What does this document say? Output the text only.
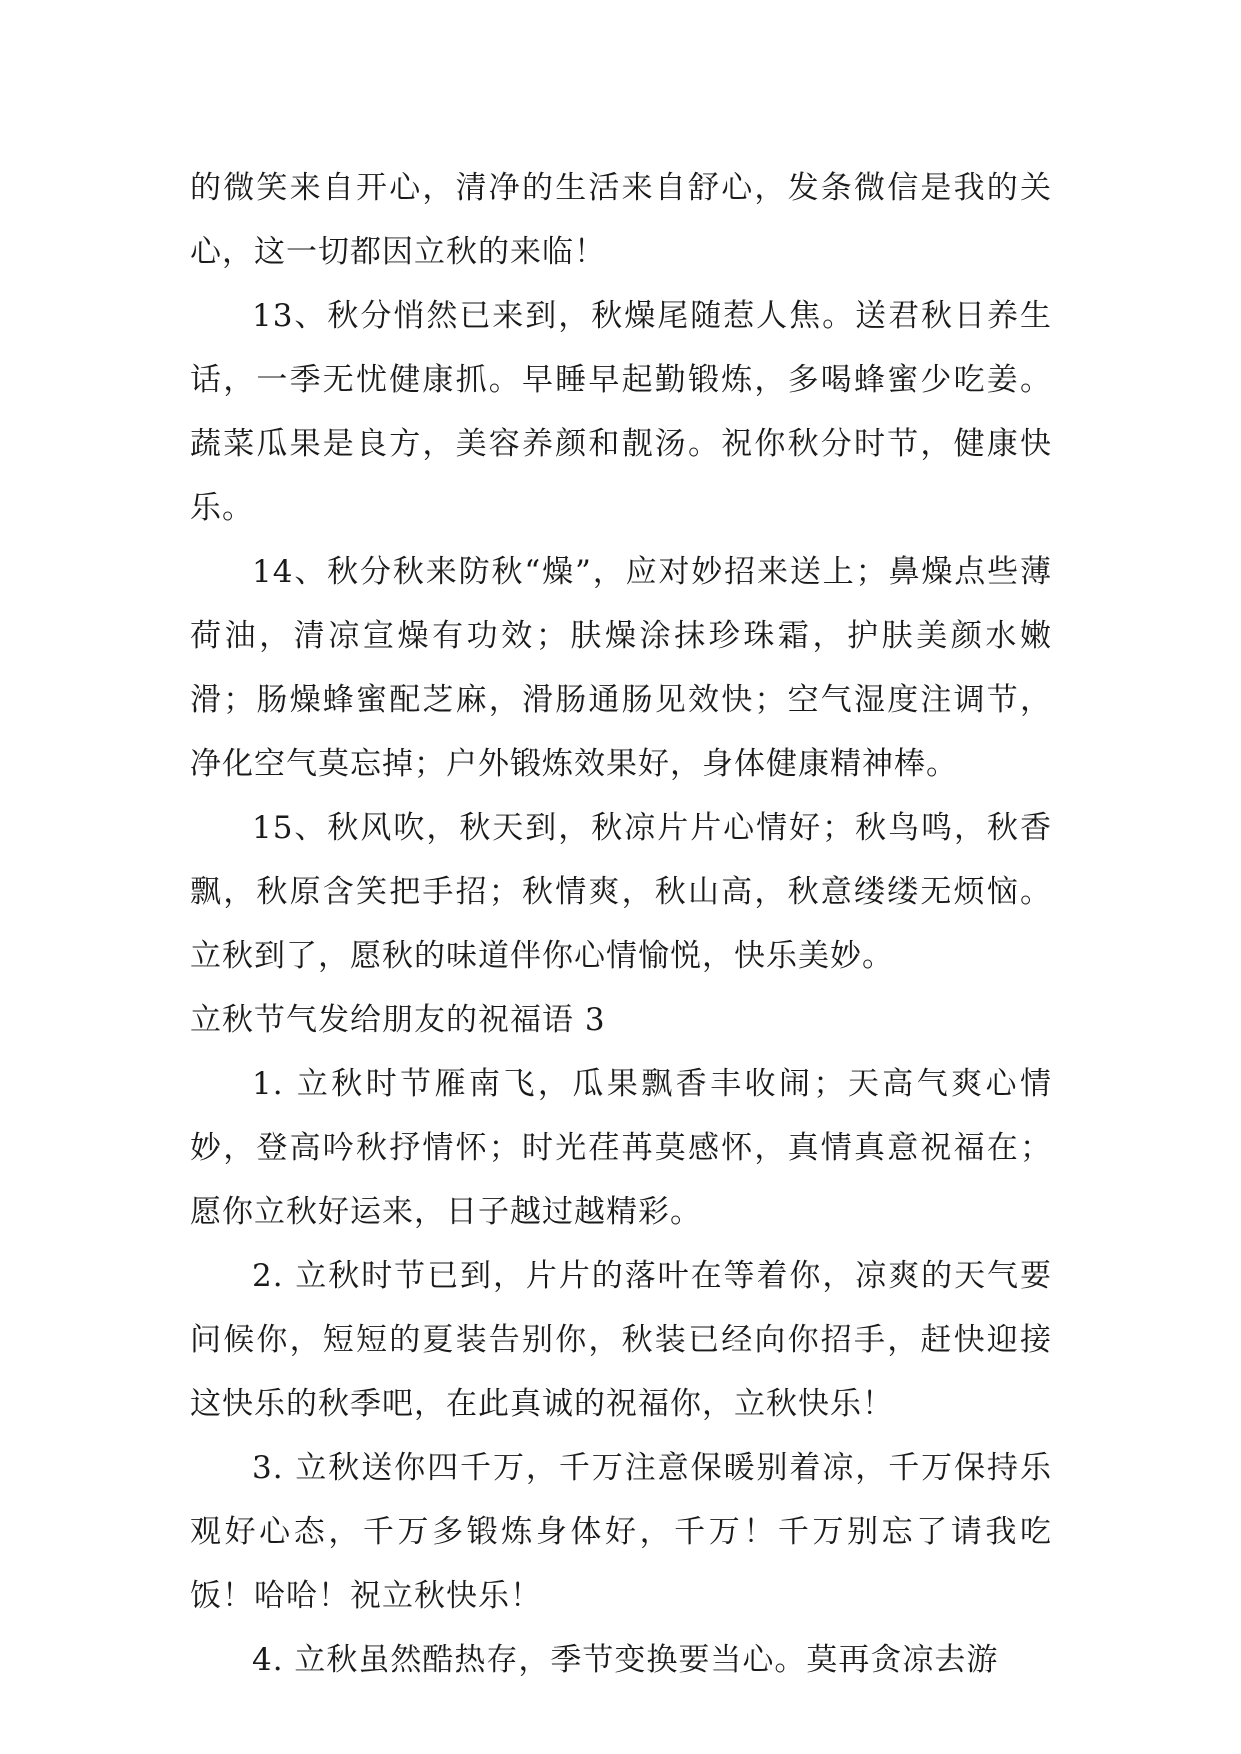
的微笑来自开心，清净的生活来自舒心，发条微信是我的关心，这一切都因立秋的来临！

13、秋分悄然已来到，秋燥尾随惹人焦。送君秋日养生话，一季无忧健康抓。早睡早起勤锻炼，多喝蜂蜜少吃姜。蔬菜瓜果是良方，美容养颜和靓汤。祝你秋分时节，健康快乐。

14、秋分秋来防秋“燥”，应对妙招来送上；鼻燥点些薄荷油，清凉宣燥有功效；肤燥涂抹珍珠霜，护肤美颜水嫩滑；肠燥蜂蜜配芝麻，滑肠通肠见效快；空气湿度注调节，净化空气莫忘掉；户外锻炼效果好，身体健康精神棒。

15、秋风吹，秋天到，秋凉片片心情好；秋鸟鸣，秋香飘，秋原含笑把手招；秋情爽，秋山高，秋意缕缕无烦恼。立秋到了，愿秋的味道伴你心情愉悦，快乐美妙。

立秋节气发给朋友的祝福语 3

1. 立秋时节雁南飞，瓜果飘香丰收闹；天高气爽心情妙，登高吟秋抒情怀；时光荏苒莫感怀，真情真意祝福在；愿你立秋好运来，日子越过越精彩。

2. 立秋时节已到，片片的落叶在等着你，凉爽的天气要问候你，短短的夏装告别你，秋装已经向你招手，赶快迎接这快乐的秋季吧，在此真诚的祝福你，立秋快乐！

3. 立秋送你四千万，千万注意保暖别着凉，千万保持乐观好心态，千万多锻炼身体好，千万！千万别忘了请我吃饭！哈哈！祝立秋快乐！

4. 立秋虽然酷热存，季节变换要当心。莫再贪凉去游
